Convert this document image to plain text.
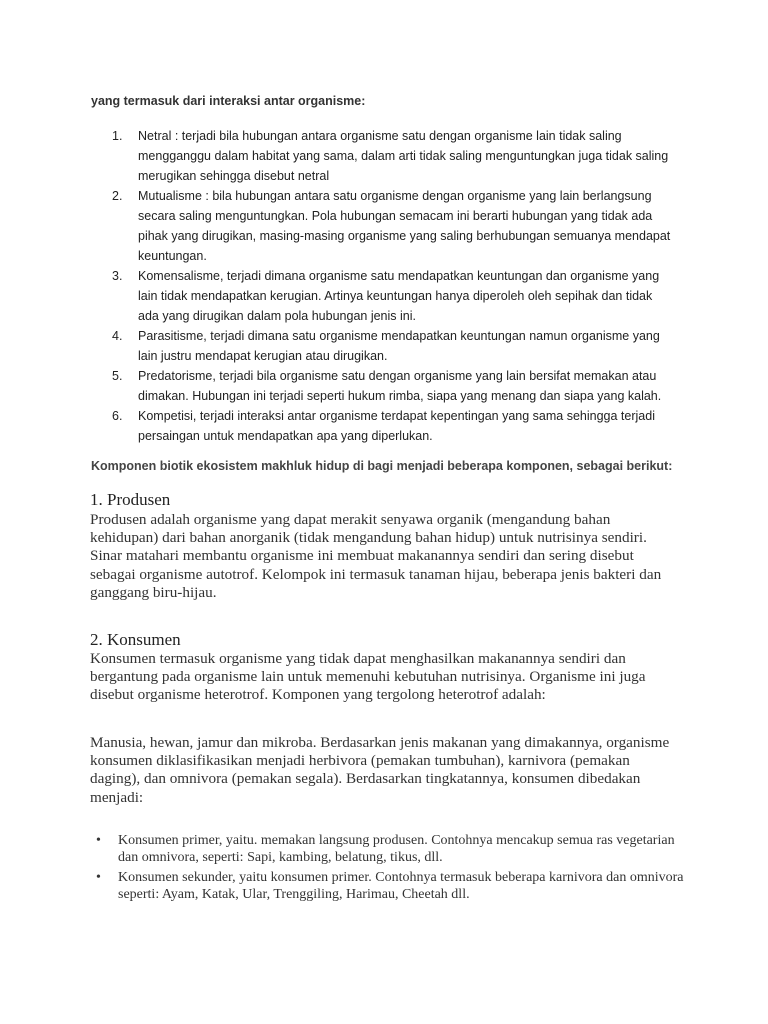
yang termasuk dari interaksi antar organisme:
1. Netral : terjadi bila hubungan antara organisme satu dengan organisme lain tidak saling
mengganggu dalam habitat yang sama, dalam arti tidak saling menguntungkan juga tidak saling
merugikan sehingga disebut netral
2. Mutualisme : bila hubungan antara satu organisme dengan organisme yang lain berlangsung
secara saling menguntungkan. Pola hubungan semacam ini berarti hubungan yang tidak ada
pihak yang dirugikan, masing-masing organisme yang saling berhubungan semuanya mendapat
keuntungan.
3. Komensalisme, terjadi dimana organisme satu mendapatkan keuntungan dan organisme yang
lain tidak mendapatkan kerugian. Artinya keuntungan hanya diperoleh oleh sepihak dan tidak
ada yang dirugikan dalam pola hubungan jenis ini.
4. Parasitisme, terjadi dimana satu organisme mendapatkan keuntungan namun organisme yang
lain justru mendapat kerugian atau dirugikan.
5. Predatorisme, terjadi bila organisme satu dengan organisme yang lain bersifat memakan atau
dimakan. Hubungan ini terjadi seperti hukum rimba, siapa yang menang dan siapa yang kalah.
6. Kompetisi, terjadi interaksi antar organisme terdapat kepentingan yang sama sehingga terjadi
persaingan untuk mendapatkan apa yang diperlukan.
Komponen biotik ekosistem makhluk hidup di bagi menjadi beberapa komponen, sebagai berikut:
1. Produsen

Produsen adalah organisme yang dapat merakit senyawa organik (mengandung bahan
kehidupan) dari bahan anorganik (tidak mengandung bahan hidup) untuk nutrisinya sendiri.
Sinar matahari membantu organisme ini membuat makanannya sendiri dan sering disebut
sebagai organisme autotrof. Kelompok ini termasuk tanaman hijau, beberapa jenis bakteri dan
ganggang biru-hijau.

2. Konsumen

Konsumen termasuk organisme yang tidak dapat menghasilkan makanannya sendiri dan
bergantung pada organisme lain untuk memenuhi kebutuhan nutrisinya. Organisme ini juga
disebut organisme heterotrof. Komponen yang tergolong heterotrof adalah:

Manusia, hewan, jamur dan mikroba. Berdasarkan jenis makanan yang dimakannya, organisme
konsumen diklasifikasikan menjadi herbivora (pemakan tumbuhan), karnivora (pemakan
daging), dan omnivora (pemakan segala). Berdasarkan tingkatannya, konsumen dibedakan
menjadi:

• Konsumen primer, yaitu. memakan langsung produsen. Contohnya mencakup semua ras vegetarian
dan omnivora, seperti: Sapi, kambing, belatung, tikus, dll.
• Konsumen sekunder, yaitu konsumen primer. Contohnya termasuk beberapa karnivora dan omnivora
seperti: Ayam, Katak, Ular, Trenggiling, Harimau, Cheetah dll.
